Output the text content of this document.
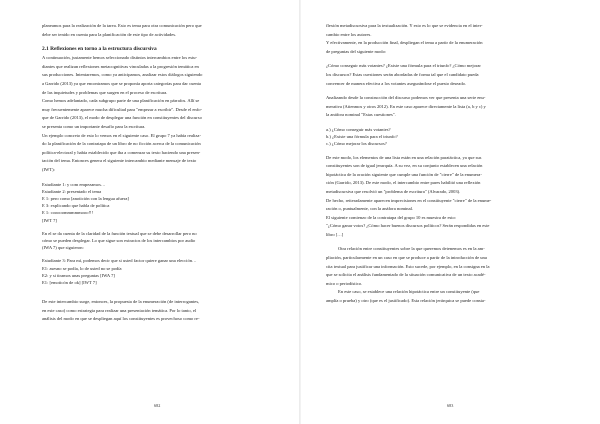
planeamos para la realización de la tarea. Esto es tema para otra comunicación pero que
debe ser tenido en cuenta para la planificación de este tipo de actividades.
2.1 Reflexiones en torno a la estructura discursiva
A continuación, justamente hemos seleccionado distintos intercambios entre los estu-
diantes que realizan reflexiones metacognitivas vinculadas a la progresión temática en
sus producciones. Intentaremos, como ya anticipamos, analizar estos diálogos siguiendo
a Garrido (2013) ya que encontramos que se proponía aporta categorías para dar cuenta
de las inquietudes y problemas que surgen en el proceso de escritura.
Como hemos adelantado, cada subgrupo parte de una planificación en párrafos. Allí se
muy frecuentemente aparece mucha dificultad para "empezar a escribir". Desde el enfo-
que de Garrido (2013), el modo de desplegar una función en constituyentes del discurso
se presenta como un importante desafío para la escritura.
Un ejemplo concreto de esto lo vemos en el siguiente caso. El grupo 7 ya había realiza-
do la planificación de la contratapa de un libro de no ficción acerca de la comunicación
política-electoral y había establecido que iba a comenzar su texto haciendo una presen-
tación del tema. Entonces genera el siguiente intercambio mediante mensaje de texto
(IWT):
Estudiante 1: y com empezamos…
Estudiante 2: presentado el tema
E 1: pero como [anotición con la lengua afuera]
E 3: explicando que habla de política
E 1: cooooommmmmooo!!!
[IWT 7]
En el se da cuenta de la claridad de la función textual que se debe desarrollar pero no
cómo se pueden desplegar. Lo que sigue son extractos de los intercambios por audio
(IWA 7) que siguieron:
Estudiante 3: Para mí, podemos decir que si usted factor quiere ganar una elección…
E1: asesno se podía, lo de usted no se podía
E2: y si tiramos unas preguntas [IWA 7]
E1: [emoticón de ok] [IWT 7]
De este intercambio surge, entonces, la propuesta de la enumeración (de interrogantes,
en este caso) como estrategia para realizar una presentación temática. Por lo tanto, el
análisis del modo en que se despliegan aquí los constituyentes es provechoso como re-
682
flexión metadiscursiva para la textualización. Y esto es lo que se evidencia en el inter-
cambio entre los autores.
Y efectivamente, en la producción final, despliegan el tema a partir de la enumeración
de preguntas del siguiente modo:
¿Cómo conseguir más votantes? ¿Existe una fórmula para el triunfo? ¿Cómo mejorar
los discursos? Estas cuestiones serán abordadas de forma tal que el candidato pueda
convencer de manera efectiva a los votantes asegurándose el puesto deseado.
Analizando desde la construcción del discurso podemos ver que presenta una serie enu-
merativa (Atienmos y otros 2012). En este caso aparece directamente la lista (a, b y c) y
la anáfora nominal "Estas cuestiones".
a.) ¿Cómo conseguir más votantes?
b.) ¿Existe una fórmula para el triunfo?
c.) ¿Cómo mejorar los discursos?
De este modo, los elementos de una lista están en una relación paratáctica, ya que sus
constituyentes son de igual jerarquía. A su vez, en su conjunto establecen una relación
hipotáctica de la oración siguiente que cumple una función de "cierre" de la enumera-
ción (Garrido, 2013). De este modo, el intercambio entre pares habilitó una reflexión
metadiscursiva que resolvió un "problema de escritura" (Alvarado, 2003).
De hecho, reiteradamente aparecen imprecisiones en el constituyente "cierre" de la enume-
ración o, puntualmente, con la anáfora nominal.
El siguiente comienzo de la contratapa del grupo 10 es muestra de esto:
"¿Cómo ganar votos? ¿Cómo hacer buenos discursos políticos? Serán respondidas en este
libro […]
Otra relación entre constituyentes sobre la que queremos detenemos es en la am-
pliación, particularmente en un caso en que se produce a partir de la introducción de una
cita textual para justificar una información. Esto sucede, por ejemplo, en la consigna en la
que se solicita el análisis fundamentado de la situación comunicativa de un texto acadé-
mico o periodístico.
En este caso, se establece una relación hipotáctica entre un constituyente (que
amplía o prueba) y otro (que es el justificado). Esta relación jerárquica se puede consta-
683
